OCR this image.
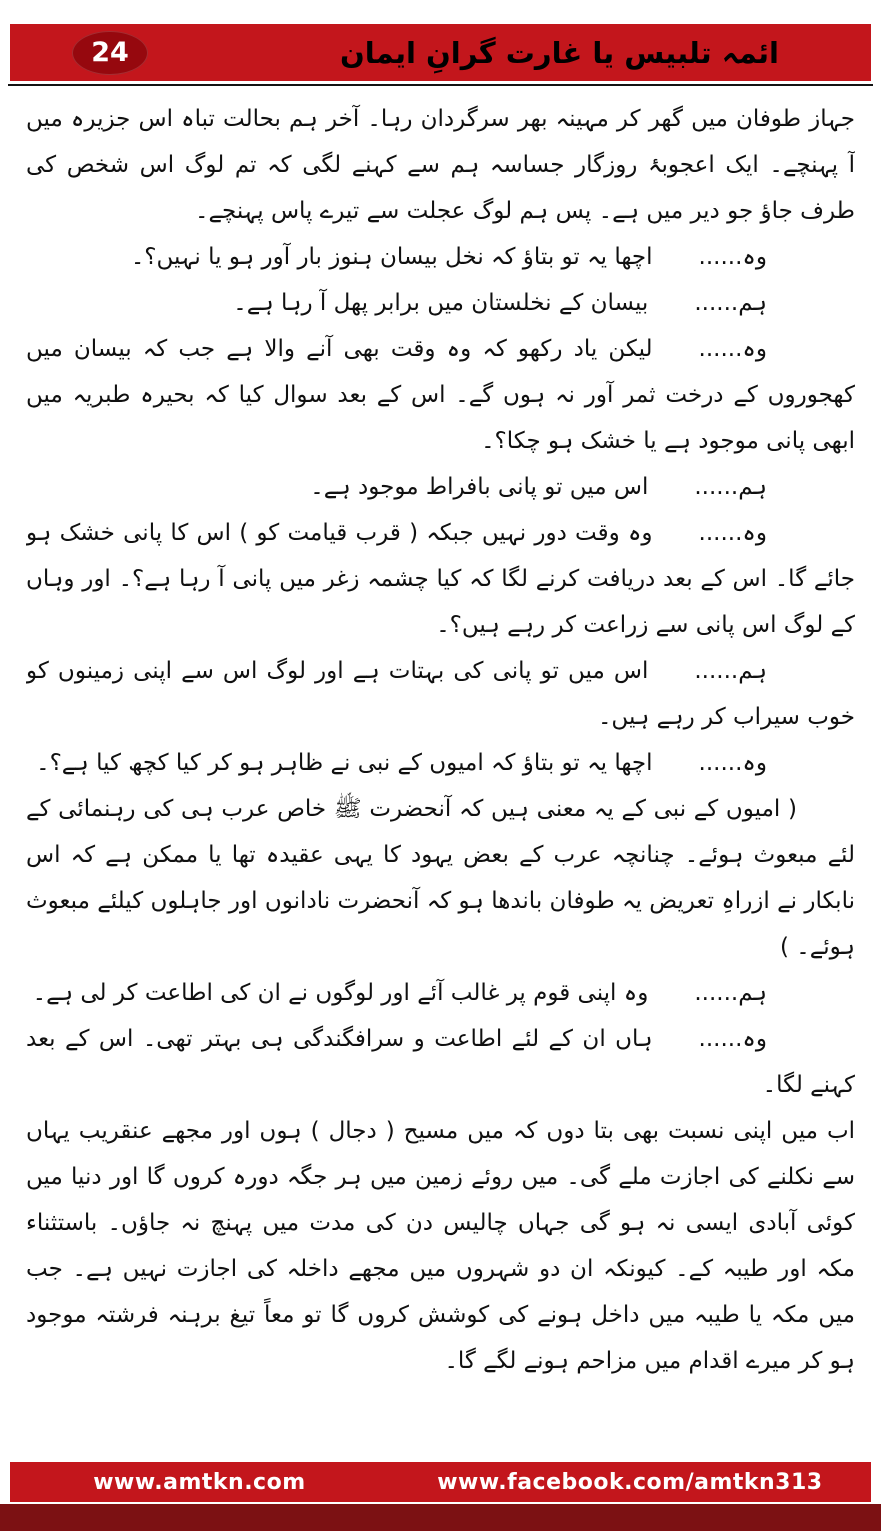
24	ائمہ تلبیس یا غارت گرانِ ایمان

جہاز طوفان میں گھر کر مہینہ بھر سرگردان رہا۔ آخر ہم بحالت تباہ اس جزیرہ میں آ پہنچے۔ ایک اعجوبۂ روزگار جساسہ ہم سے کہنے لگی کہ تم لوگ اس شخص کی طرف جاؤ جو دیر میں ہے۔ پس ہم لوگ عجلت سے تیرے پاس پہنچے۔

وہ......اچھا یہ تو بتاؤ کہ نخل بیسان ہنوز بار آور ہو یا نہیں؟۔

ہم......بیسان کے نخلستان میں برابر پھل آ رہا ہے۔

وہ......لیکن یاد رکھو کہ وہ وقت بھی آنے والا ہے جب کہ بیسان میں کھجوروں کے درخت ثمر آور نہ ہوں گے۔ اس کے بعد سوال کیا کہ بحیرہ طبریہ میں ابھی پانی موجود ہے یا خشک ہو چکا؟۔

ہم......اس میں تو پانی بافراط موجود ہے۔

وہ......وہ وقت دور نہیں جبکہ ( قرب قیامت کو ) اس کا پانی خشک ہو جائے گا۔ اس کے بعد دریافت کرنے لگا کہ کیا چشمہ زغر میں پانی آ رہا ہے؟۔ اور وہاں کے لوگ اس پانی سے زراعت کر رہے ہیں؟۔

ہم......اس میں تو پانی کی بہتات ہے اور لوگ اس سے اپنی زمینوں کو خوب سیراب کر رہے ہیں۔

وہ......اچھا یہ تو بتاؤ کہ امیوں کے نبی نے ظاہر ہو کر کیا کچھ کیا ہے؟۔

( امیوں کے نبی کے یہ معنی ہیں کہ آنحضرت ﷺ خاص عرب ہی کی رہنمائی کے لئے مبعوث ہوئے۔ چنانچہ عرب کے بعض یہود کا یہی عقیدہ تھا یا ممکن ہے کہ اس نابکار نے ازراہِ تعریض یہ طوفان باندھا ہو کہ آنحضرت نادانوں اور جاہلوں کیلئے مبعوث ہوئے۔ )

ہم......وہ اپنی قوم پر غالب آئے اور لوگوں نے ان کی اطاعت کر لی ہے۔

وہ......ہاں ان کے لئے اطاعت و سرافگندگی ہی بہتر تھی۔ اس کے بعد کہنے لگا۔

اب میں اپنی نسبت بھی بتا دوں کہ میں مسیح ( دجال ) ہوں اور مجھے عنقریب یہاں سے نکلنے کی اجازت ملے گی۔ میں روئے زمین میں ہر جگہ دورہ کروں گا اور دنیا میں کوئی آبادی ایسی نہ ہو گی جہاں چالیس دن کی مدت میں پہنچ نہ جاؤں۔ باستثناء مکہ اور طیبہ کے۔ کیونکہ ان دو شہروں میں مجھے داخلہ کی اجازت نہیں ہے۔ جب میں مکہ یا طیبہ میں داخل ہونے کی کوشش کروں گا تو معاً تیغ برہنہ فرشتہ موجود ہو کر میرے اقدام میں مزاحم ہونے لگے گا۔

www.amtkn.com	www.facebook.com/amtkn313
